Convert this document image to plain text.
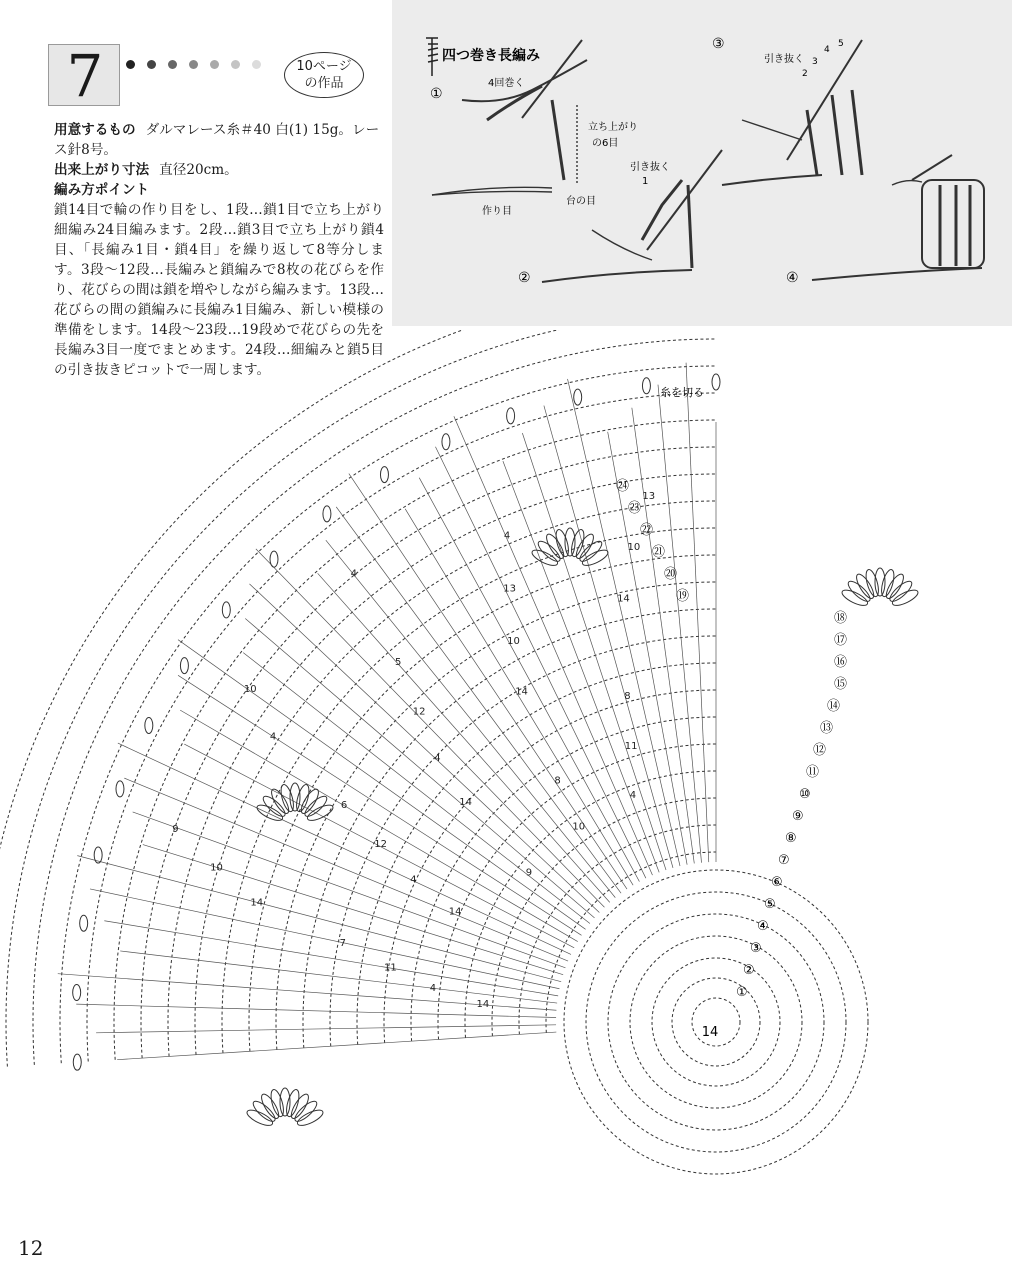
7	10ページ
の作品

用意するもの ダルマレース糸＃40 白(1) 15g。レース針8号。

出来上がり寸法 直径20cm。

編み方ポイント

鎖14目で輪の作り目をし、1段…鎖1目で立ち上がり細編み24目編みます。2段…鎖3目で立ち上がり鎖4目、「長編み1目・鎖4目」を繰り返して8等分します。3段〜12段…長編みと鎖編みで8枚の花びらを作り、花びらの間は鎖を増やしながら編みます。13段…花びらの間の鎖編みに長編み1目編み、新しい模様の準備をします。14段〜23段…19段めで花びらの先を長編み3目一度でまとめます。24段…細編みと鎖5目の引き抜きピコットで一周します。

四つ巻き長編み
①
4回巻く
立ち上がり
の6目
台の目
作り目
②
引き抜く
1
③
引き抜く
2
3
4
5
④
①
②
③
④
⑤
⑥
⑦
⑧
⑨
⑩
⑪
⑫
⑬
⑭
⑮
⑯
⑰
⑱
⑲
⑳
㉑
㉒
㉓
㉔
14
14
14
14
14
14
4
4
4
4
4
4
10
10
10
10
10
11
11
12
12
13
13
9
9
8
8
7
6
5
4
糸を切る
14
12
